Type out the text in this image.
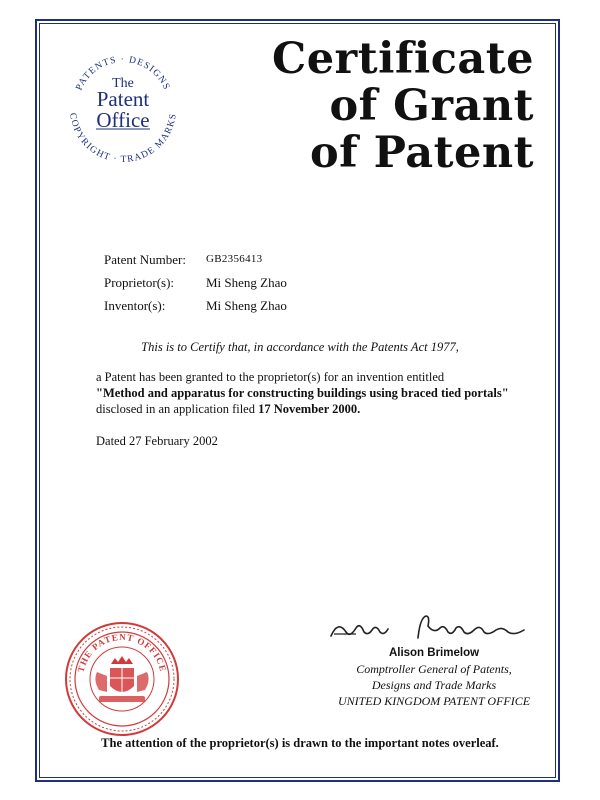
PATENTS · DESIGNS
COPYRIGHT · TRADE MARKS
The
Patent
Office
Certificate
of Grant
of Patent
Patent Number:	GB2356413
Proprietor(s):	Mi Sheng Zhao
Inventor(s):	Mi Sheng Zhao
This is to Certify that, in accordance with the Patents Act 1977,
a Patent has been granted to the proprietor(s) for an invention entitled
"Method and apparatus for constructing buildings using braced tied portals" disclosed in an application filed 17 November 2000.
Dated 27 February 2002
THE PATENT OFFICE
Alison Brimelow
Comptroller General of Patents,
Designs and Trade Marks
UNITED KINGDOM PATENT OFFICE
The attention of the proprietor(s) is drawn to the important notes overleaf.
